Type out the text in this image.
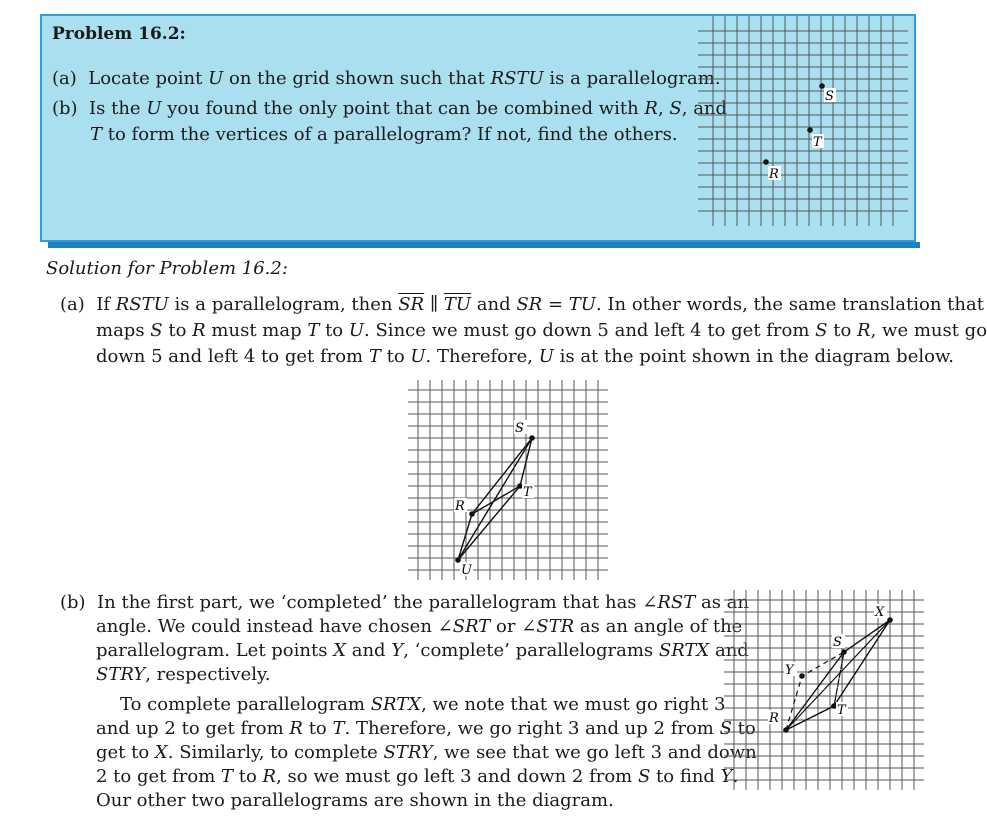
Problem 16.2:
(a) Locate point U on the grid shown such that RSTU is a parallelogram.
(b) Is the U you found the only point that can be combined with R, S, and
T to form the vertices of a parallelogram? If not, find the others.
S
T
R
Solution for Problem 16.2:
(a) If RSTU is a parallelogram, then $\overline{SR}$ ∥ $\overline{TU}$ and SR = TU. In other words, the same translation that
maps S to R must map T to U. Since we must go down 5 and left 4 to get from S to R, we must go
down 5 and left 4 to get from T to U. Therefore, U is at the point shown in the diagram below.
S
T
R
U
(b) In the first part, we ‘completed’ the parallelogram that has ∠RST as an
angle. We could instead have chosen ∠SRT or ∠STR as an angle of the
parallelogram. Let points X and Y, ‘complete’ parallelograms SRTX and
STRY, respectively.
To complete parallelogram SRTX, we note that we must go right 3
and up 2 to get from R to T. Therefore, we go right 3 and up 2 from S to
get to X. Similarly, to complete STRY, we see that we go left 3 and down
2 to get from T to R, so we must go left 3 and down 2 from S to find Y.
Our other two parallelograms are shown in the diagram.
R
T
S
X
Y
